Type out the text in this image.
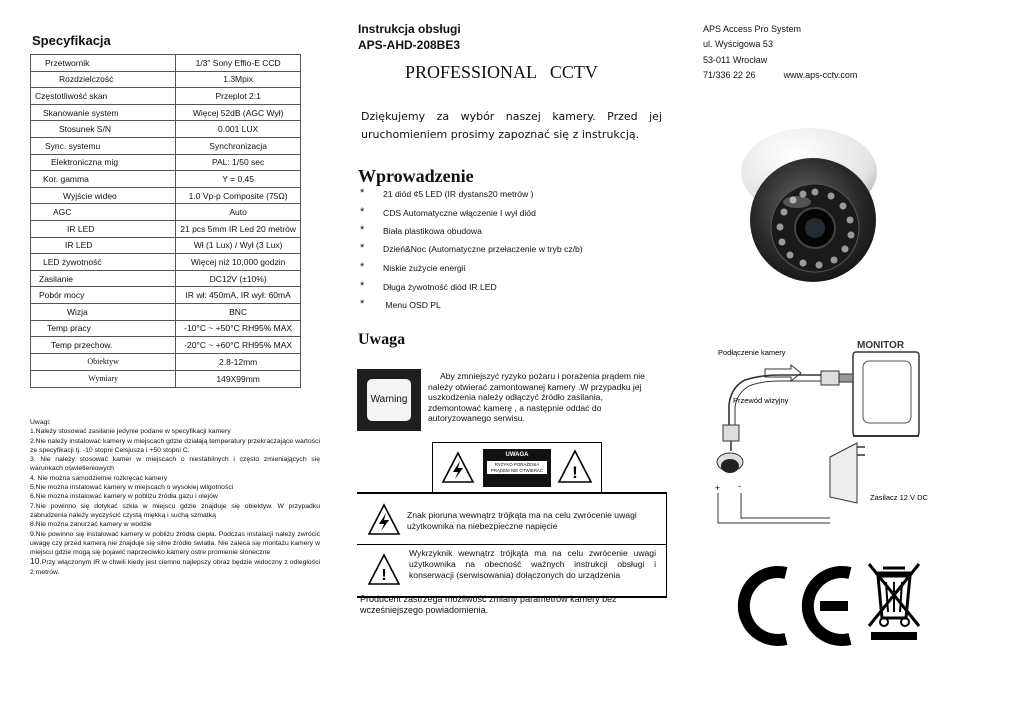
Specyfikacja
Przetwornik	1/3" Sony Effio-E CCD
Rozdzielczość	1.3Mpix
Częstotliwość skan	Przeplot 2:1
Skanowanie system	Więcej 52dB (AGC Wył)
Stosunek S/N	0.001 LUX
Sync. systemu	Synchronizacja
Elektroniczna mig	PAL: 1/50 sec
Kor. gamma	Y = 0.45
Wyjście wideo	1.0 Vp-p Composite (75Ω)
AGC	Auto
IR LED	21 pcs 5mm IR Led 20 metrów
IR LED	Wł (1 Lux) / Wył (3 Lux)
LED żywotność	Więcej niż 10,000 godzin
Zasilanie	DC12V (±10%)
Pobór mocy	IR wł: 450mA, IR wył: 60mA
Wizja	BNC
Temp pracy	-10°C ~ +50°C RH95% MAX
Temp przechow.	-20°C ~ +60°C RH95% MAX
Obiektyw	2.8-12mm
Wymiary	149X99mm

Uwagi:

1.Należy stosować zasilanie jedynie podane w specyfikacji kamery

2.Nie należy instalować kamery w miejscach gdzie działają temperatury przekraczające wartości ze specyfikacji tj. -10 stopni Celsjusza i +50 stopni C.

3. Nie należy stosować kamer w miejscach o niestabilnych i często zmieniających się warunkach oświetleniowych

4. Nie można samodzielnie rozkręcać kamery

5.Nie można instalować kamery w miejscach o wysokiej wilgotności

6.Nie można instalować kamery w pobliżu źródła gazu i olejów

7.Nie powinno się dotykać szkła w miejscu gdzie znajduje się obiektyw. W przypadku zabrudzenia należy wyczyścić czystą miękką i suchą szmatką

8.Nie można zanurzać kamery w wodzie

9.Nie powinno się instalować kamery w pobliżu źródła ciepła. Podczas instalacji należy zwrócić uwagę czy przed kamerą nie znajduje się silne źródło światła. Nie zaleca się montażu kamery w miejscu gdzie mogą się pojawić naprzeciwko kamery ostre promienie słoneczne

10.Przy włączonym IR w chwili kiedy jest ciemno najlepszy obraz będzie widoczny z odległości 2 metrów.

Instrukcja obsługi
APS-AHD-208BE3
PROFESSIONAL   CCTV
Dziękujemy za wybór naszej kamery. Przed jej uruchomieniem prosimy zapoznać się z instrukcją.
Wprowadzenie
* 21 diód ¢5 LED (IR dystans20 metrów )
* CDS Automatyczne włączenie I wył diód
* Biała plastikowa obudowa
* Dzień&Noc (Automatyczne przełaczenie w tryb cz/b)
* Niskie zużycie energii
* Długa żywotność diód IR LED
* Menu OSD PL
Uwaga
Warning
Aby zmniejszyć ryzyko pożaru i porażenia prądem nie należy otwierać zamontowanej kamery .W przypadku jej uszkodzenia należy odłączyć źródło zasilania, zdemontować kamerę , a następnie oddać do autoryzowanego serwisu.
UWAGA
RYZYKO PORAŻENIA PRĄDEM NIE OTWIERAĆ !
!
Znak pioruna wewnątrz trójkąta ma na celu zwrócenie uwagi użytkownika na niebezpieczne napięcie
Wykrzyknik wewnątrz trójkąta ma na celu zwrócenie uwagi użytkownika na obecność ważnych instrukcji obsługi i konserwacji (serwisowania) dołączonych do urządzenia
Producent zastrzega możliwość zmiany parametrów kamery bez wcześniejszego powiadomienia.
APS Access Pro System
ul. Wyścigowa 53
53-011 Wrocław
71/336 22 26	www.aps-cctv.com
Podłączenie kamery
MONITOR
Przewód wizyjny
+ -
Zasilacz 12 V DC
